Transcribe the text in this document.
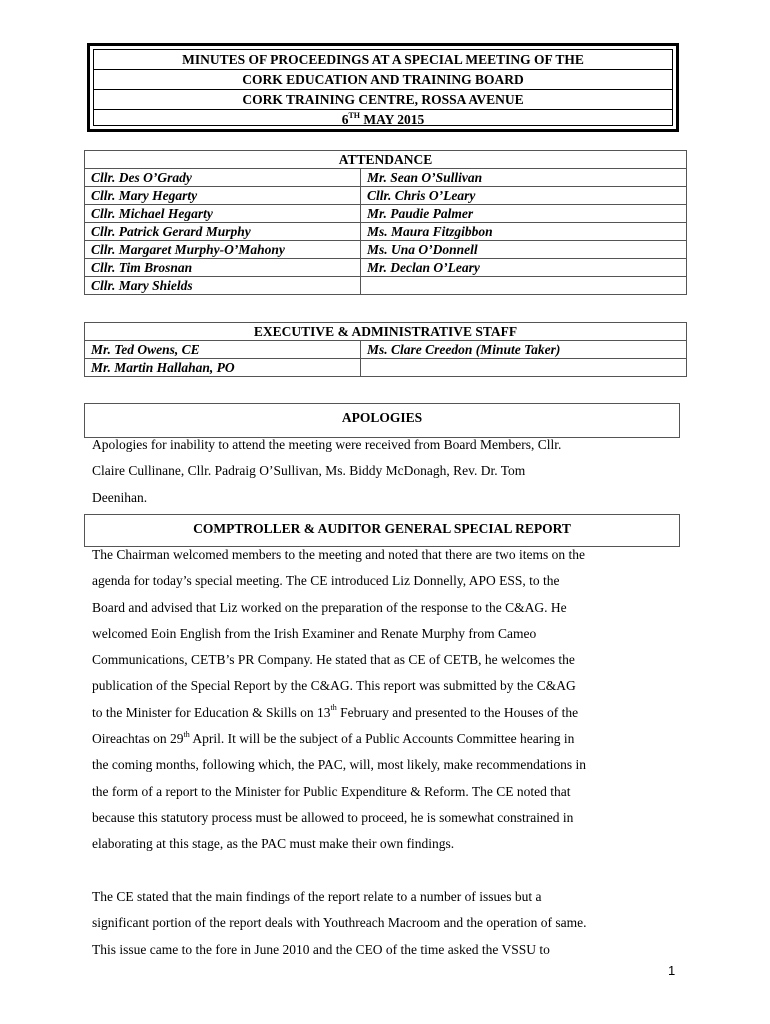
MINUTES OF PROCEEDINGS AT A SPECIAL MEETING OF THE
CORK EDUCATION AND TRAINING BOARD
CORK TRAINING CENTRE, ROSSA AVENUE
6TH MAY 2015
ATTENDANCE	
Cllr. Des O’Grady	Mr. Sean O’Sullivan
Cllr. Mary Hegarty	Cllr. Chris O’Leary
Cllr. Michael Hegarty	Mr. Paudie Palmer
Cllr. Patrick Gerard Murphy	Ms. Maura Fitzgibbon
Cllr. Margaret Murphy-O’Mahony	Ms. Una O’Donnell
Cllr. Tim Brosnan	Mr. Declan O’Leary
Cllr. Mary Shields	
EXECUTIVE & ADMINISTRATIVE STAFF	
Mr. Ted Owens, CE	Ms. Clare Creedon (Minute Taker)
Mr. Martin Hallahan, PO	
APOLOGIES
Apologies for inability to attend the meeting were received from Board Members, Cllr.
Claire Cullinane, Cllr. Padraig O’Sullivan, Ms. Biddy McDonagh, Rev. Dr. Tom
Deenihan.
COMPTROLLER & AUDITOR GENERAL SPECIAL REPORT
The Chairman welcomed members to the meeting and noted that there are two items on the
agenda for today’s special meeting. The CE introduced Liz Donnelly, APO ESS, to the
Board and advised that Liz worked on the preparation of the response to the C&AG. He
welcomed Eoin English from the Irish Examiner and Renate Murphy from Cameo
Communications, CETB’s PR Company. He stated that as CE of CETB, he welcomes the
publication of the Special Report by the C&AG. This report was submitted by the C&AG
to the Minister for Education & Skills on 13th February and presented to the Houses of the
Oireachtas on 29th April. It will be the subject of a Public Accounts Committee hearing in
the coming months, following which, the PAC, will, most likely, make recommendations in
the form of a report to the Minister for Public Expenditure & Reform. The CE noted that
because this statutory process must be allowed to proceed, he is somewhat constrained in
elaborating at this stage, as the PAC must make their own findings.
The CE stated that the main findings of the report relate to a number of issues but a
significant portion of the report deals with Youthreach Macroom and the operation of same.
This issue came to the fore in June 2010 and the CEO of the time asked the VSSU to
1
